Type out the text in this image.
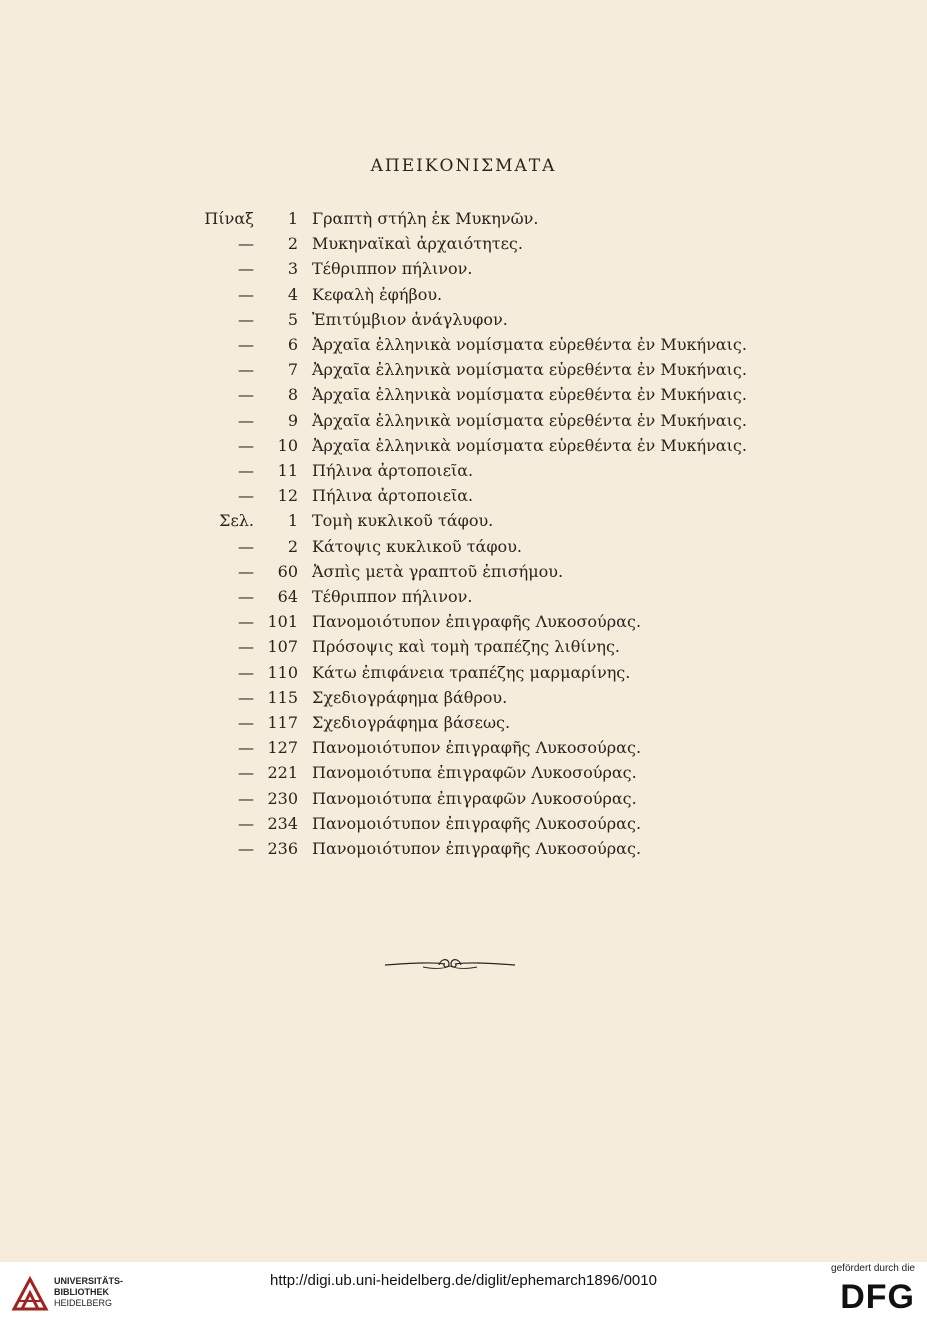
ΑΠΕΙΚΟΝΙΣΜΑΤΑ
Πίναξ	1 Γραπτὴ στήλη ἐκ Μυκηνῶν.
—	2 Μυκηναϊκαὶ ἀρχαιότητες.
—	3 Τέθριππον πήλινον.
—	4 Κεφαλὴ ἐφήβου.
—	5 Ἐπιτύμβιον ἀνάγλυφον.
—	6 Ἀρχαῖα ἑλληνικὰ νομίσματα εὑρεθέντα ἐν Μυκήναις.
—	7 Ἀρχαῖα ἑλληνικὰ νομίσματα εὑρεθέντα ἐν Μυκήναις.
—	8 Ἀρχαῖα ἑλληνικὰ νομίσματα εὑρεθέντα ἐν Μυκήναις.
—	9 Ἀρχαῖα ἑλληνικὰ νομίσματα εὑρεθέντα ἐν Μυκήναις.
—	10 Ἀρχαῖα ἑλληνικὰ νομίσματα εὑρεθέντα ἐν Μυκήναις.
—	11 Πήλινα ἀρτοποιεῖα.
—	12 Πήλινα ἀρτοποιεῖα.
Σελ.	1 Τομὴ κυκλικοῦ τάφου.
—	2 Κάτοψις κυκλικοῦ τάφου.
—	60 Ἀσπὶς μετὰ γραπτοῦ ἐπισήμου.
—	64 Τέθριππον πήλινον.
— 101 Πανομοιότυπον ἐπιγραφῆς Λυκοσούρας.
— 107 Πρόσοψις καὶ τομὴ τραπέζης λιθίνης.
— 110 Κάτω ἐπιφάνεια τραπέζης μαρμαρίνης.
— 115 Σχεδιογράφημα βάθρου.
— 117 Σχεδιογράφημα βάσεως.
— 127 Πανομοιότυπον ἐπιγραφῆς Λυκοσούρας.
— 221 Πανομοιότυπα ἐπιγραφῶν Λυκοσούρας.
— 230 Πανομοιότυπα ἐπιγραφῶν Λυκοσούρας.
— 234 Πανομοιότυπον ἐπιγραφῆς Λυκοσούρας.
— 236 Πανομοιότυπον ἐπιγραφῆς Λυκοσούρας.
UNIVERSITÄTS-
BIBLIOTHEK
HEIDELBERG
http://digi.ub.uni-heidelberg.de/diglit/ephemarch1896/0010
gefördert durch die
DFG
